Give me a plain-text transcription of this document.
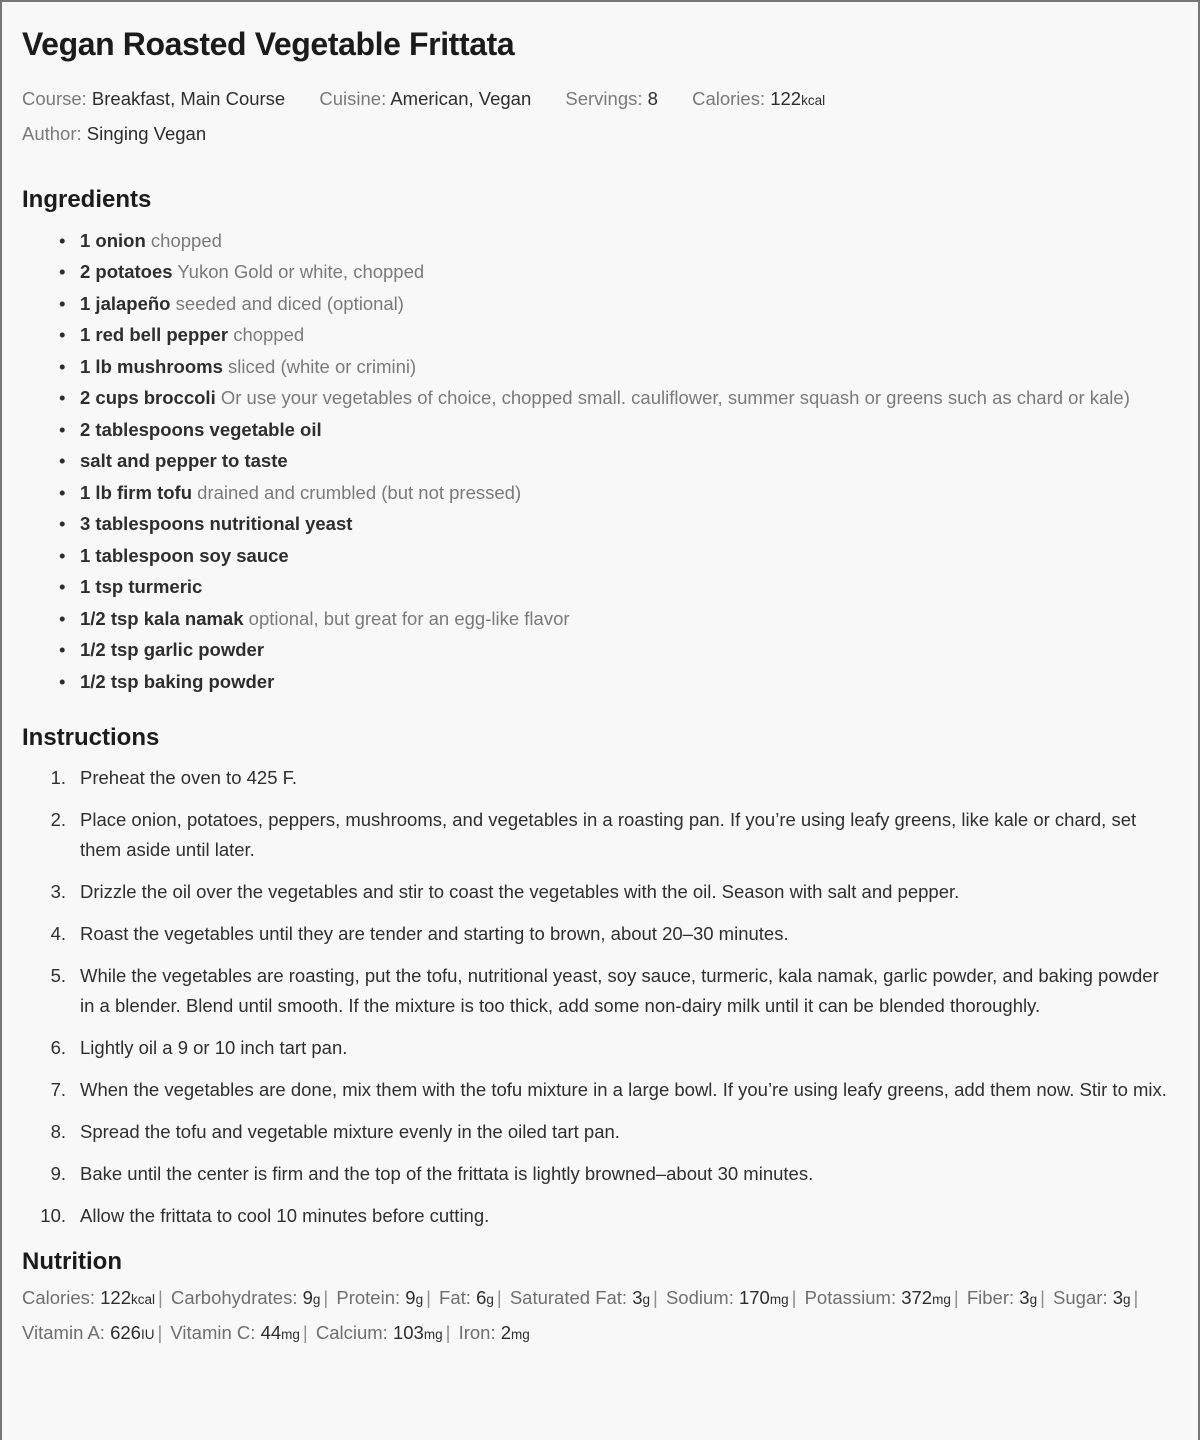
Vegan Roasted Vegetable Frittata

Course: Breakfast, Main Course Cuisine: American, Vegan Servings: 8 Calories: 122kcal

Author: Singing Vegan

Ingredients
• 1 onion chopped
• 2 potatoes Yukon Gold or white, chopped
• 1 jalapeño seeded and diced (optional)
• 1 red bell pepper chopped
• 1 lb mushrooms sliced (white or crimini)
• 2 cups broccoli Or use your vegetables of choice, chopped small. cauliflower, summer squash or greens such as chard or kale)
• 2 tablespoons vegetable oil
• salt and pepper to taste
• 1 lb firm tofu drained and crumbled (but not pressed)
• 3 tablespoons nutritional yeast
• 1 tablespoon soy sauce
• 1 tsp turmeric
• 1/2 tsp kala namak optional, but great for an egg-like flavor
• 1/2 tsp garlic powder
• 1/2 tsp baking powder
Instructions
Preheat the oven to 425 F.
Place onion, potatoes, peppers, mushrooms, and vegetables in a roasting pan. If you’re using leafy greens, like kale or chard, set them aside until later.
Drizzle the oil over the vegetables and stir to coast the vegetables with the oil. Season with salt and pepper.
Roast the vegetables until they are tender and starting to brown, about 20–30 minutes.
While the vegetables are roasting, put the tofu, nutritional yeast, soy sauce, turmeric, kala namak, garlic powder, and baking powder in a blender. Blend until smooth. If the mixture is too thick, add some non-dairy milk until it can be blended thoroughly.
Lightly oil a 9 or 10 inch tart pan.
When the vegetables are done, mix them with the tofu mixture in a large bowl. If you’re using leafy greens, add them now. Stir to mix.
Spread the tofu and vegetable mixture evenly in the oiled tart pan.
Bake until the center is firm and the top of the frittata is lightly browned–about 30 minutes.
Allow the frittata to cool 10 minutes before cutting.
Nutrition

Calories: 122kcal | Carbohydrates: 9g | Protein: 9g | Fat: 6g | Saturated Fat: 3g | Sodium: 170mg | Potassium: 372mg | Fiber: 3g | Sugar: 3g | Vitamin A: 626IU | Vitamin C: 44mg | Calcium: 103mg | Iron: 2mg
